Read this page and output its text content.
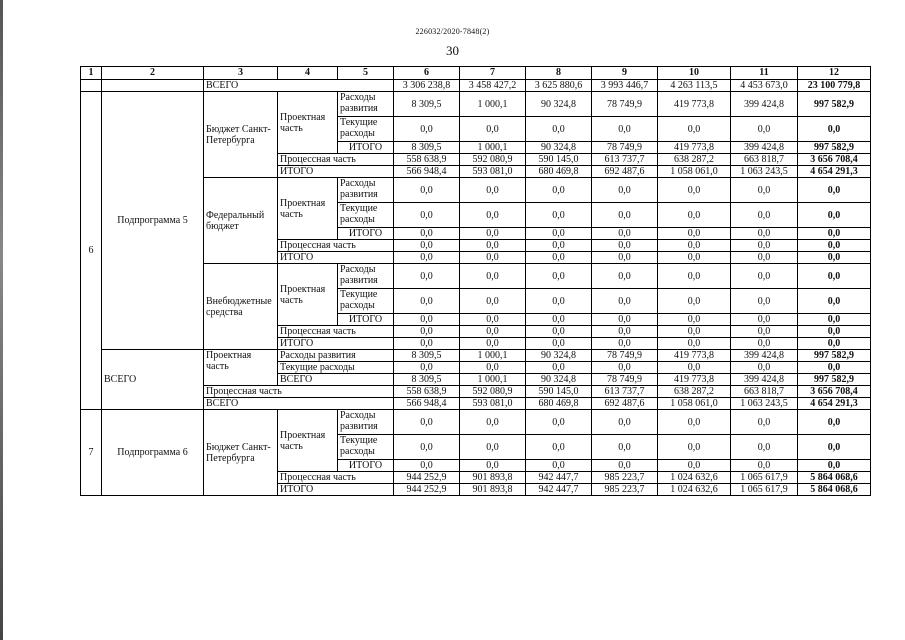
226032/2020-7848(2)
30
1	2	3	4	5	6	7	8	9	10	11	12
		ВСЕГО			3 306 238,8	3 458 427,2	3 625 880,6	3 993 446,7	4 263 113,5	4 453 673,0	23 100 779,8
6	Подпрограмма 5	Бюджет Санкт-Петербурга	Проектная часть	Расходы развития	8 309,5	1 000,1	90 324,8	78 749,9	419 773,8	399 424,8	997 582,9
				Текущие расходы	0,0	0,0	0,0	0,0	0,0	0,0	0,0
				ИТОГО	8 309,5	1 000,1	90 324,8	78 749,9	419 773,8	399 424,8	997 582,9
			Процессная часть		558 638,9	592 080,9	590 145,0	613 737,7	638 287,2	663 818,7	3 656 708,4
			ИТОГО		566 948,4	593 081,0	680 469,8	692 487,6	1 058 061,0	1 063 243,5	4 654 291,3
		Федеральный бюджет	Проектная часть	Расходы развития	0,0	0,0	0,0	0,0	0,0	0,0	0,0
				Текущие расходы	0,0	0,0	0,0	0,0	0,0	0,0	0,0
				ИТОГО	0,0	0,0	0,0	0,0	0,0	0,0	0,0
			Процессная часть		0,0	0,0	0,0	0,0	0,0	0,0	0,0
			ИТОГО		0,0	0,0	0,0	0,0	0,0	0,0	0,0
		Внебюджетные средства	Проектная часть	Расходы развития	0,0	0,0	0,0	0,0	0,0	0,0	0,0
				Текущие расходы	0,0	0,0	0,0	0,0	0,0	0,0	0,0
				ИТОГО	0,0	0,0	0,0	0,0	0,0	0,0	0,0
			Процессная часть		0,0	0,0	0,0	0,0	0,0	0,0	0,0
			ИТОГО		0,0	0,0	0,0	0,0	0,0	0,0	0,0
	ВСЕГО	Проектная часть	Расходы развития		8 309,5	1 000,1	90 324,8	78 749,9	419 773,8	399 424,8	997 582,9
			Текущие расходы		0,0	0,0	0,0	0,0	0,0	0,0	0,0
			ВСЕГО		8 309,5	1 000,1	90 324,8	78 749,9	419 773,8	399 424,8	997 582,9
		Процессная часть			558 638,9	592 080,9	590 145,0	613 737,7	638 287,2	663 818,7	3 656 708,4
		ВСЕГО			566 948,4	593 081,0	680 469,8	692 487,6	1 058 061,0	1 063 243,5	4 654 291,3
7	Подпрограмма 6	Бюджет Санкт-Петербурга	Проектная часть	Расходы развития	0,0	0,0	0,0	0,0	0,0	0,0	0,0
				Текущие расходы	0,0	0,0	0,0	0,0	0,0	0,0	0,0
				ИТОГО	0,0	0,0	0,0	0,0	0,0	0,0	0,0
			Процессная часть		944 252,9	901 893,8	942 447,7	985 223,7	1 024 632,6	1 065 617,9	5 864 068,6
			ИТОГО		944 252,9	901 893,8	942 447,7	985 223,7	1 024 632,6	1 065 617,9	5 864 068,6
